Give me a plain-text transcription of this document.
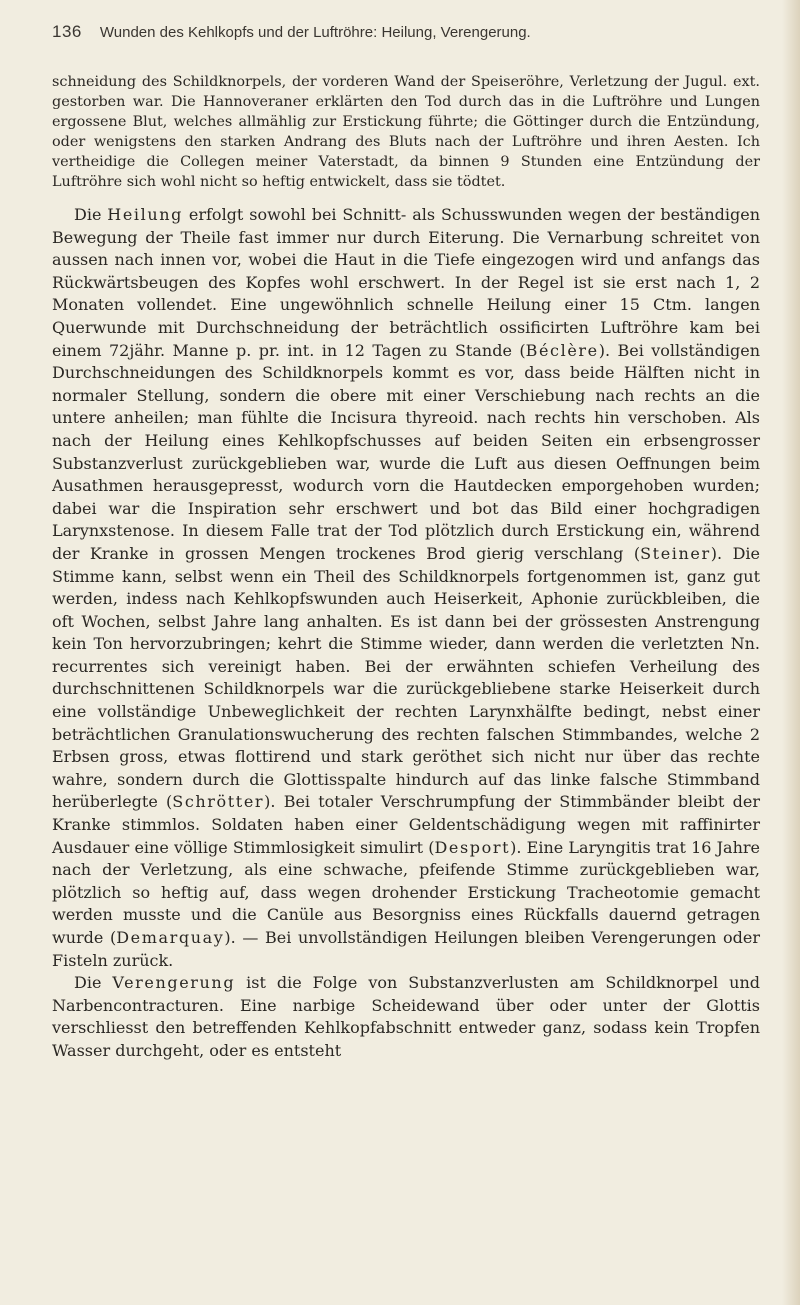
136 Wunden des Kehlkopfs und der Luftröhre: Heilung, Verengerung.

schneidung des Schildknorpels, der vorderen Wand der Speiseröhre, Verletzung der Jugul. ext. gestorben war. Die Hannoveraner erklärten den Tod durch das in die Luftröhre und Lungen ergossene Blut, welches allmählig zur Erstickung führte; die Göttinger durch die Entzündung, oder wenigstens den starken Andrang des Bluts nach der Luftröhre und ihren Aesten. Ich vertheidige die Collegen meiner Vaterstadt, da binnen 9 Stunden eine Entzündung der Luftröhre sich wohl nicht so heftig entwickelt, dass sie tödtet.

Die Heilung erfolgt sowohl bei Schnitt- als Schusswunden wegen der beständigen Bewegung der Theile fast immer nur durch Eiterung. Die Vernarbung schreitet von aussen nach innen vor, wobei die Haut in die Tiefe eingezogen wird und anfangs das Rückwärtsbeugen des Kopfes wohl erschwert. In der Regel ist sie erst nach 1, 2 Monaten vollendet. Eine ungewöhnlich schnelle Heilung einer 15 Ctm. langen Querwunde mit Durchschneidung der beträchtlich ossificirten Luftröhre kam bei einem 72jähr. Manne p. pr. int. in 12 Tagen zu Stande (Béclère). Bei vollständigen Durchschneidungen des Schildknorpels kommt es vor, dass beide Hälften nicht in normaler Stellung, sondern die obere mit einer Verschiebung nach rechts an die untere anheilen; man fühlte die Incisura thyreoid. nach rechts hin verschoben. Als nach der Heilung eines Kehlkopfschusses auf beiden Seiten ein erbsengrosser Substanzverlust zurückgeblieben war, wurde die Luft aus diesen Oeffnungen beim Ausathmen herausgepresst, wodurch vorn die Hautdecken emporgehoben wurden; dabei war die Inspiration sehr erschwert und bot das Bild einer hochgradigen Larynxstenose. In diesem Falle trat der Tod plötzlich durch Erstickung ein, während der Kranke in grossen Mengen trockenes Brod gierig verschlang (Steiner). Die Stimme kann, selbst wenn ein Theil des Schildknorpels fortgenommen ist, ganz gut werden, indess nach Kehlkopfswunden auch Heiserkeit, Aphonie zurückbleiben, die oft Wochen, selbst Jahre lang anhalten. Es ist dann bei der grössesten Anstrengung kein Ton hervorzubringen; kehrt die Stimme wieder, dann werden die verletzten Nn. recurrentes sich vereinigt haben. Bei der erwähnten schiefen Verheilung des durchschnittenen Schildknorpels war die zurückgebliebene starke Heiserkeit durch eine vollständige Unbeweglichkeit der rechten Larynxhälfte bedingt, nebst einer beträchtlichen Granulationswucherung des rechten falschen Stimmbandes, welche 2 Erbsen gross, etwas flottirend und stark geröthet sich nicht nur über das rechte wahre, sondern durch die Glottisspalte hindurch auf das linke falsche Stimmband herüberlegte (Schrötter). Bei totaler Verschrumpfung der Stimmbänder bleibt der Kranke stimmlos. Soldaten haben einer Geldentschädigung wegen mit raffinirter Ausdauer eine völlige Stimmlosigkeit simulirt (Desport). Eine Laryngitis trat 16 Jahre nach der Verletzung, als eine schwache, pfeifende Stimme zurückgeblieben war, plötzlich so heftig auf, dass wegen drohender Erstickung Tracheotomie gemacht werden musste und die Canüle aus Besorgniss eines Rückfalls dauernd getragen wurde (Demarquay). — Bei unvollständigen Heilungen bleiben Verengerungen oder Fisteln zurück.

Die Verengerung ist die Folge von Substanzverlusten am Schildknorpel und Narbencontracturen. Eine narbige Scheidewand über oder unter der Glottis verschliesst den betreffenden Kehlkopfabschnitt entweder ganz, sodass kein Tropfen Wasser durchgeht, oder es entsteht
